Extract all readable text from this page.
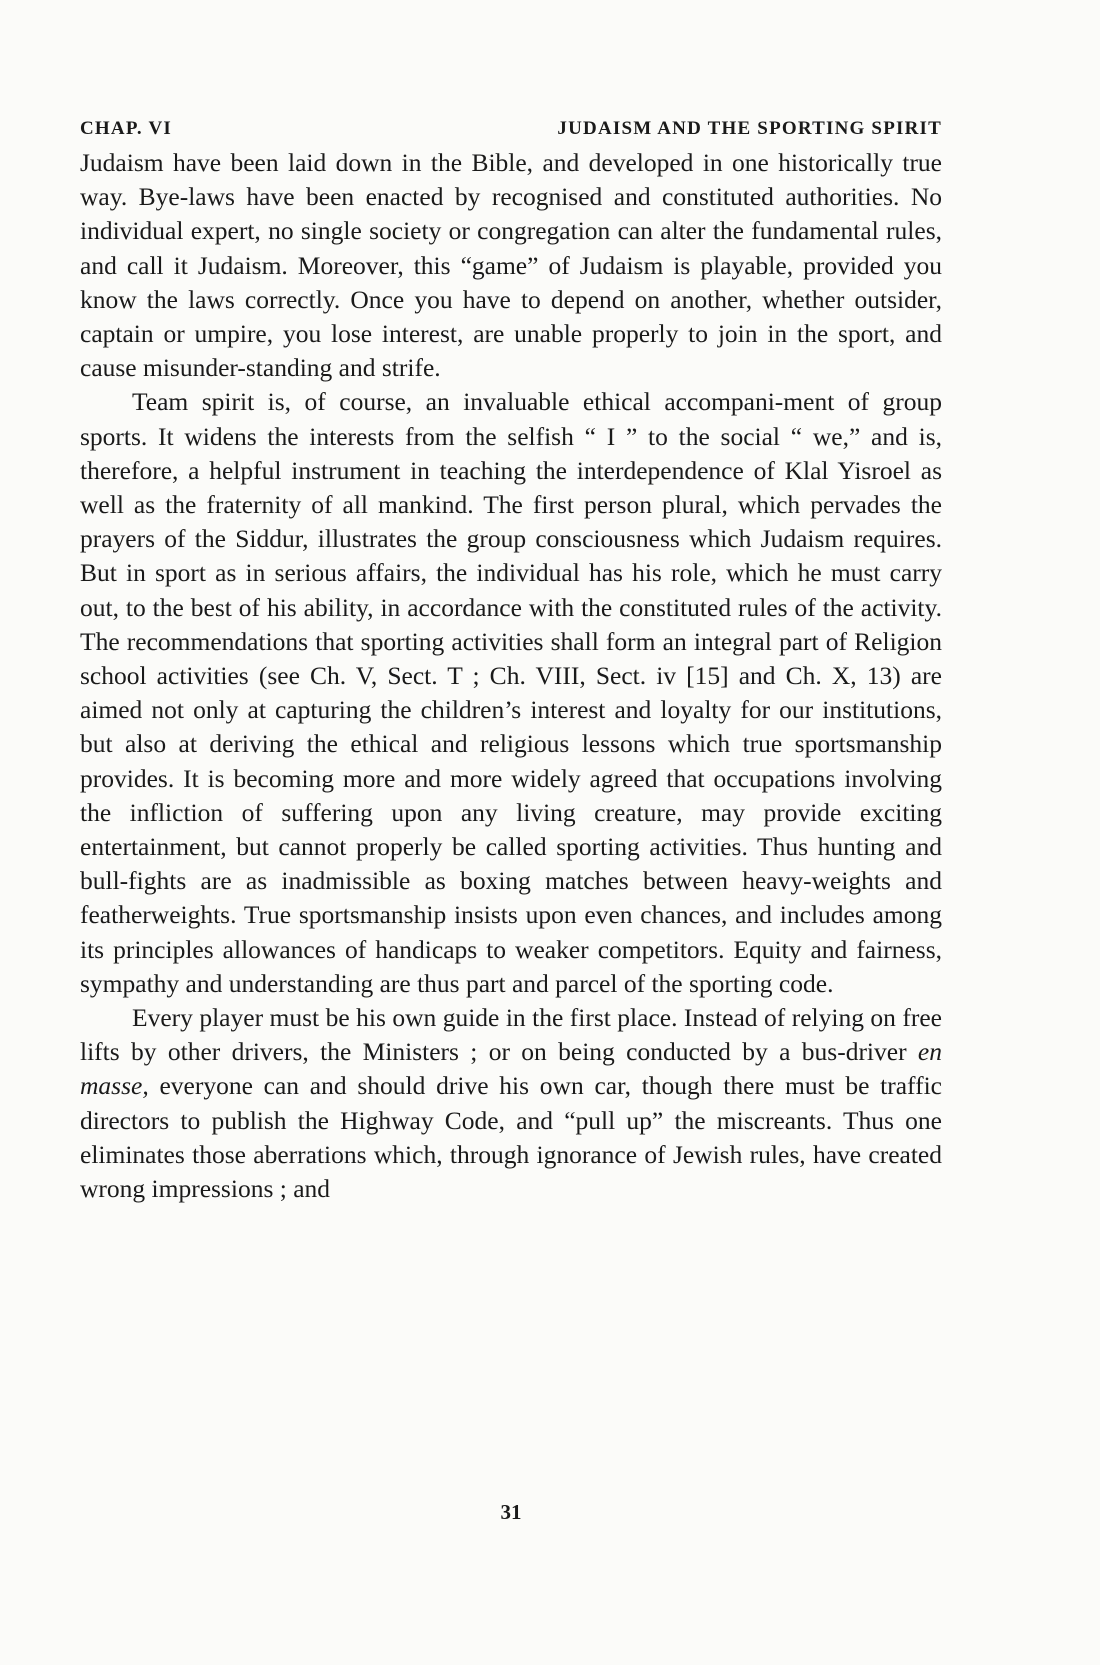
CHAP. VI	JUDAISM AND THE SPORTING SPIRIT

Judaism have been laid down in the Bible, and developed in one historically true way. Bye-laws have been enacted by recognised and constituted authorities. No individual expert, no single society or congregation can alter the fundamental rules, and call it Judaism. Moreover, this “game” of Judaism is playable, provided you know the laws correctly. Once you have to depend on another, whether outsider, captain or umpire, you lose interest, are unable properly to join in the sport, and cause misunder-standing and strife.

Team spirit is, of course, an invaluable ethical accompani-ment of group sports. It widens the interests from the selfish “ I ” to the social “ we,” and is, therefore, a helpful instrument in teaching the interdependence of Klal Yisroel as well as the fraternity of all mankind. The first person plural, which pervades the prayers of the Siddur, illustrates the group consciousness which Judaism requires. But in sport as in serious affairs, the individual has his role, which he must carry out, to the best of his ability, in accordance with the constituted rules of the activity. The recommendations that sporting activities shall form an integral part of Religion school activities (see Ch. V, Sect. T ; Ch. VIII, Sect. iv [15] and Ch. X, 13) are aimed not only at capturing the children’s interest and loyalty for our institutions, but also at deriving the ethical and religious lessons which true sportsmanship provides. It is becoming more and more widely agreed that occupations involving the infliction of suffering upon any living creature, may provide exciting entertainment, but cannot properly be called sporting activities. Thus hunting and bull-fights are as inadmissible as boxing matches between heavy-weights and featherweights. True sportsmanship insists upon even chances, and includes among its principles allowances of handicaps to weaker competitors. Equity and fairness, sympathy and understanding are thus part and parcel of the sporting code.

Every player must be his own guide in the first place. Instead of relying on free lifts by other drivers, the Ministers ; or on being conducted by a bus-driver en masse, everyone can and should drive his own car, though there must be traffic directors to publish the Highway Code, and “pull up” the miscreants. Thus one eliminates those aberrations which, through ignorance of Jewish rules, have created wrong impressions ; and

31
